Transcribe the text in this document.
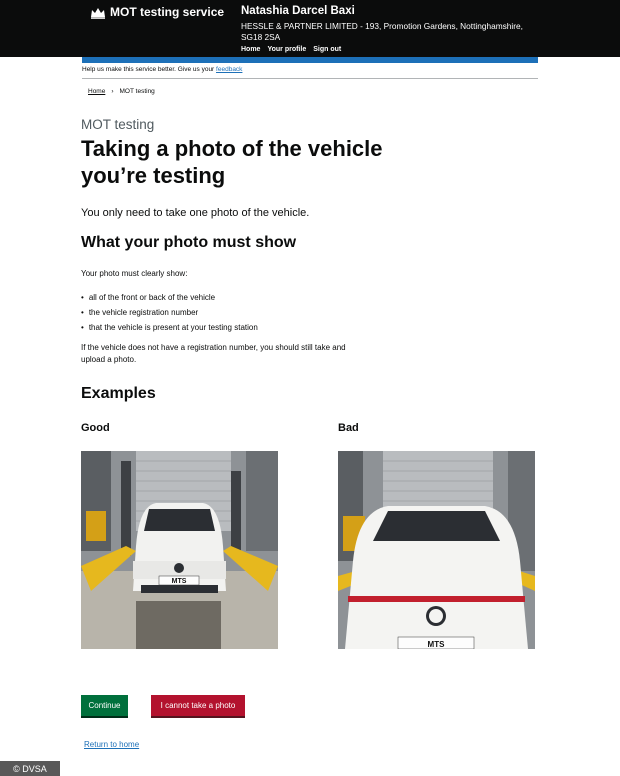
MOT testing service Natashia Darcel Baxi
HESSLE & PARTNER LIMITED - 193, Promotion Gardens, Nottinghamshire, SG18 2SA
Home Your profile Sign out
Help us make this service better. Give us your feedback
Home › MOT testing
MOT testing
Taking a photo of the vehicle you’re testing
You only need to take one photo of the vehicle.
What your photo must show
Your photo must clearly show:
• all of the front or back of the vehicle
• the vehicle registration number
• that the vehicle is present at your testing station
If the vehicle does not have a registration number, you should still take and upload a photo.
Examples
Good	Bad
MTS
MTS
Continue	I cannot take a photo
Return to home
© DVSA
